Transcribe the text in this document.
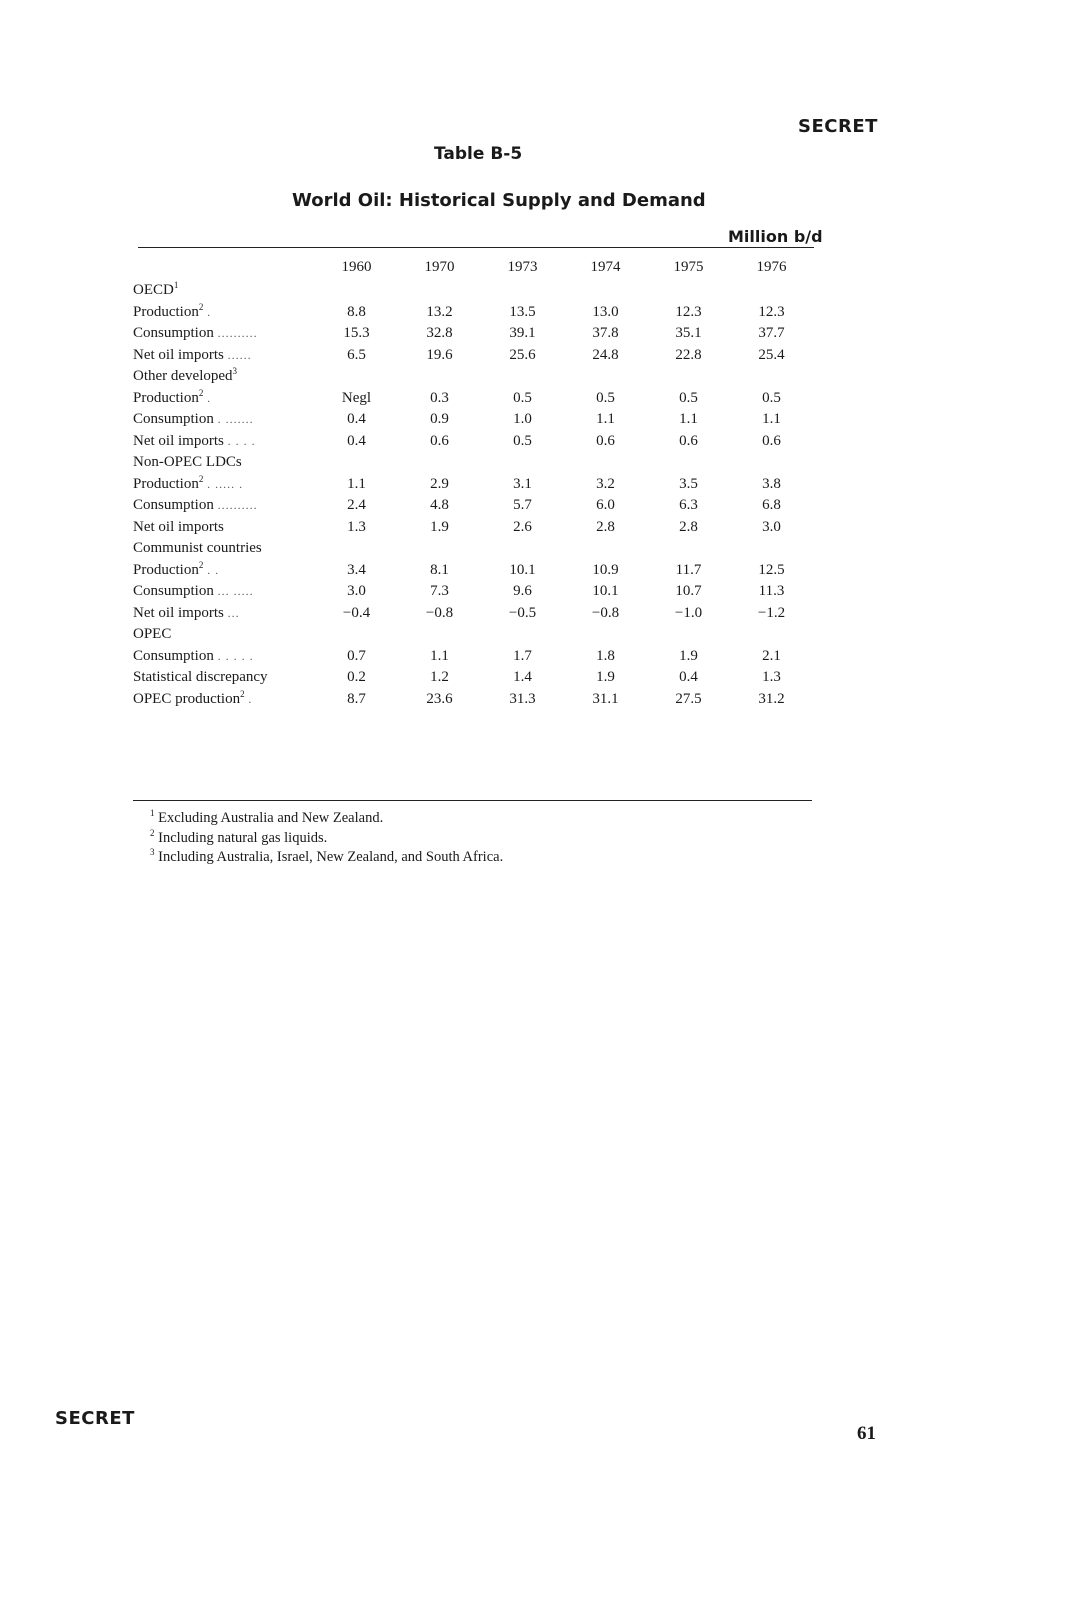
SECRET
Table B-5
World Oil: Historical Supply and Demand
Million b/d
	1960	1970	1973	1974	1975	1976
OECD$^1$
Production$^2$ .	8.8	13.2	13.5	13.0	12.3	12.3
Consumption ..........	15.3	32.8	39.1	37.8	35.1	37.7
Net oil imports ......	6.5	19.6	25.6	24.8	22.8	25.4
Other developed$^3$
Production$^2$ .	Negl	0.3	0.5	0.5	0.5	0.5
Consumption . .......	0.4	0.9	1.0	1.1	1.1	1.1
Net oil imports . . . .	0.4	0.6	0.5	0.6	0.6	0.6
Non-OPEC LDCs						
Production$^2$ . ..... .	1.1	2.9	3.1	3.2	3.5	3.8
Consumption ..........	2.4	4.8	5.7	6.0	6.3	6.8
Net oil imports	1.3	1.9	2.6	2.8	2.8	3.0
Communist countries						
Production$^2$ . .	3.4	8.1	10.1	10.9	11.7	12.5
Consumption ... .....	3.0	7.3	9.6	10.1	10.7	11.3
Net oil imports ...	−0.4	−0.8	−0.5	−0.8	−1.0	−1.2
OPEC						
Consumption . . . . .	0.7	1.1	1.7	1.8	1.9	2.1
Statistical discrepancy	0.2	1.2	1.4	1.9	0.4	1.3
OPEC production$^2$ .	8.7	23.6	31.3	31.1	27.5	31.2
$^1$ Excluding Australia and New Zealand.
$^2$ Including natural gas liquids.
$^3$ Including Australia, Israel, New Zealand, and South Africa.
SECRET
61
